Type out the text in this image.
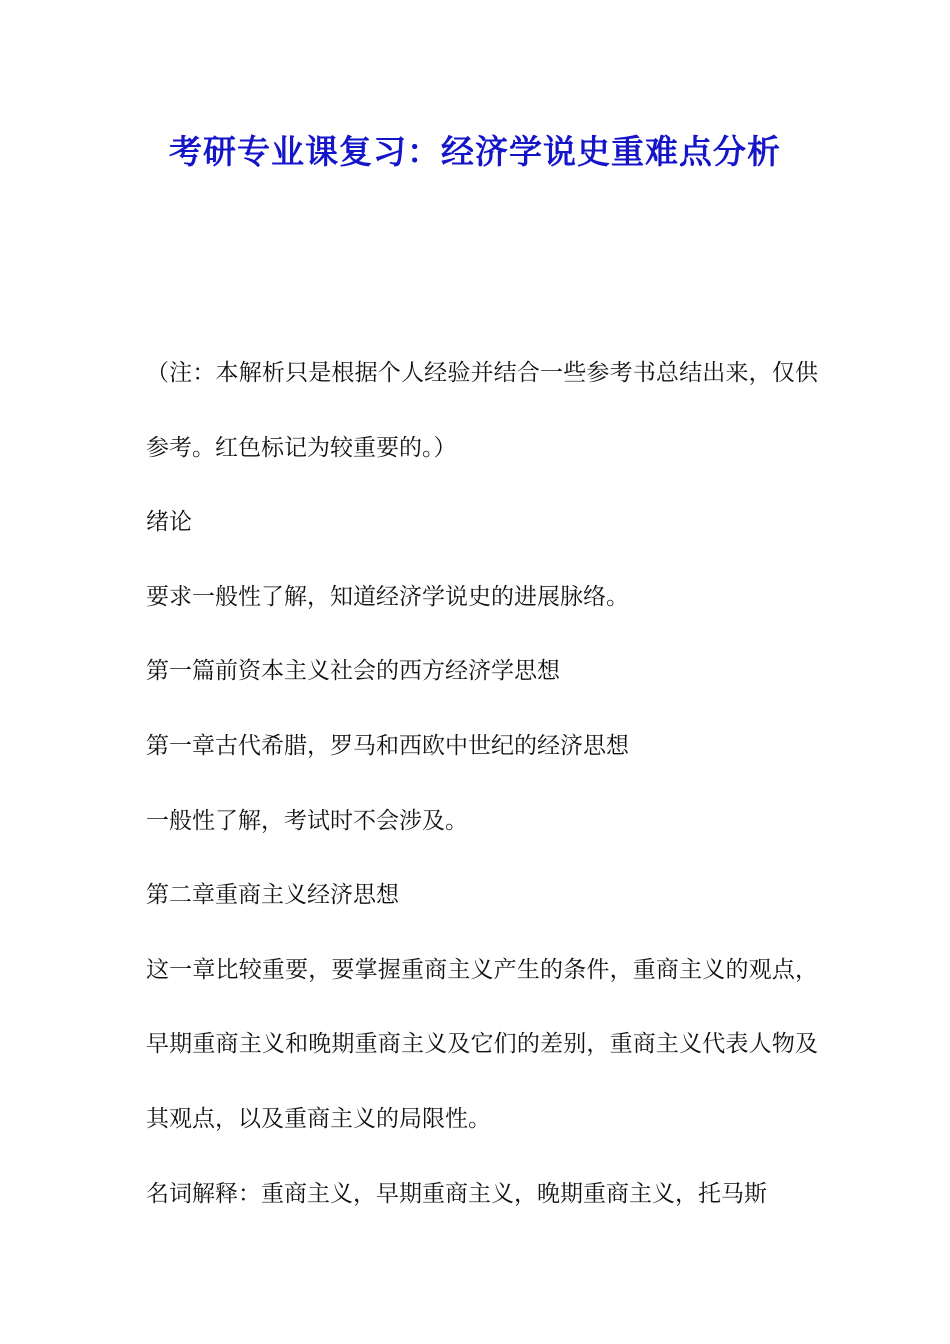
考研专业课复习：经济学说史重难点分析

（注：本解析只是根据个人经验并结合一些参考书总结出来，仅供参考。红色标记为较重要的。）

绪论

要求一般性了解，知道经济学说史的进展脉络。

第一篇前资本主义社会的西方经济学思想

第一章古代希腊，罗马和西欧中世纪的经济思想

一般性了解，考试时不会涉及。

第二章重商主义经济思想

这一章比较重要，要掌握重商主义产生的条件，重商主义的观点，早期重商主义和晚期重商主义及它们的差别，重商主义代表人物及其观点，以及重商主义的局限性。

名词解释：重商主义，早期重商主义，晚期重商主义，托马斯
